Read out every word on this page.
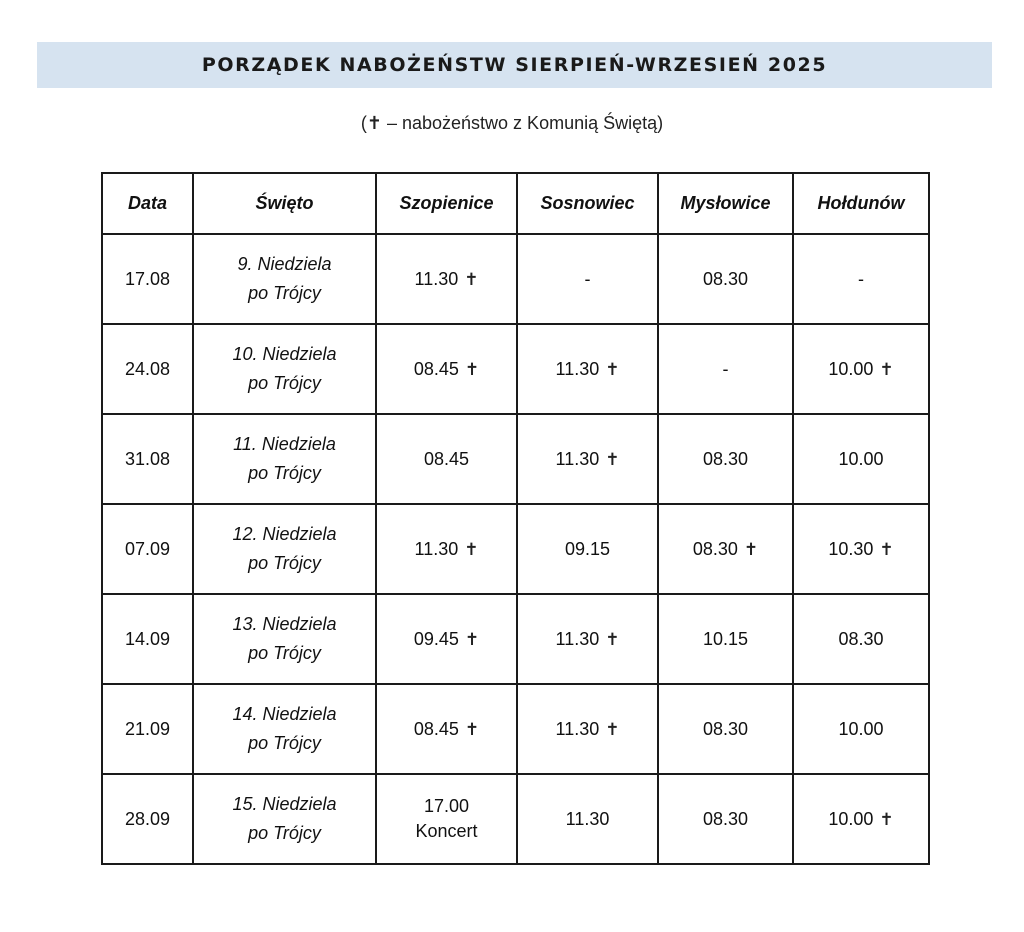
PORZĄDEK NABOŻEŃSTW SIERPIEŃ-WRZESIEŃ 2025
(✝ – nabożeństwo z Komunią Świętą)
Data	Święto	Szopienice	Sosnowiec	Mysłowice	Hołdunów
17.08	9. Niedziela
po Trójcy	11.30 ✝	-	08.30	-
24.08	10. Niedziela
po Trójcy	08.45 ✝	11.30 ✝	-	10.00 ✝
31.08	11. Niedziela
po Trójcy	08.45	11.30 ✝	08.30	10.00
07.09	12. Niedziela
po Trójcy	11.30 ✝	09.15	08.30 ✝	10.30 ✝
14.09	13. Niedziela
po Trójcy	09.45 ✝	11.30 ✝	10.15	08.30
21.09	14. Niedziela
po Trójcy	08.45 ✝	11.30 ✝	08.30	10.00
28.09	15. Niedziela
po Trójcy	17.00
Koncert	11.30	08.30	10.00 ✝
